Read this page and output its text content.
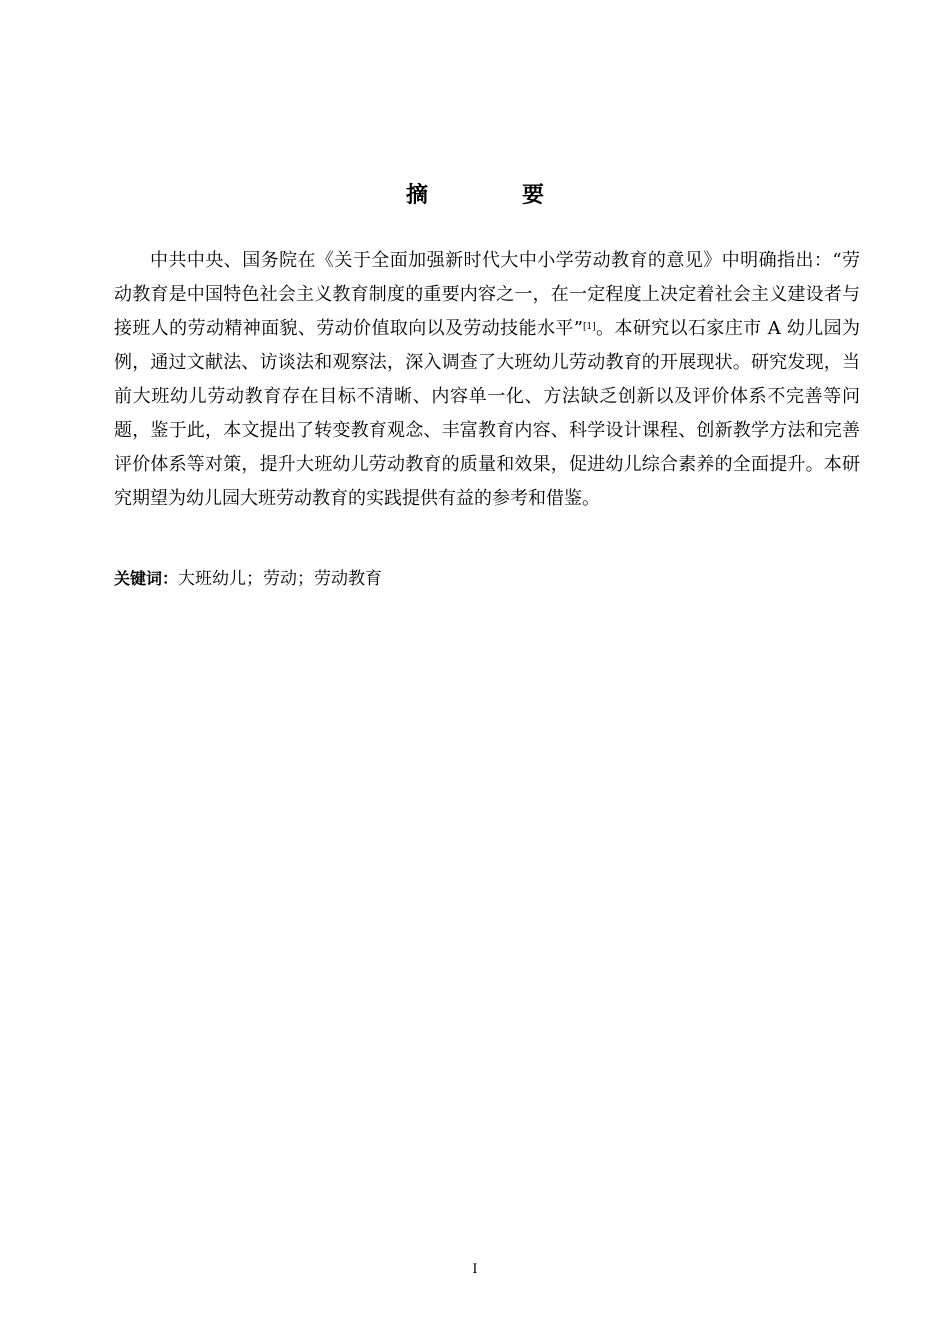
摘　要

中共中央、国务院在《关于全面加强新时代大中小学劳动教育的意见》中明确指出：“劳动教育是中国特色社会主义教育制度的重要内容之一，在一定程度上决定着社会主义建设者与接班人的劳动精神面貌、劳动价值取向以及劳动技能水平”[1]。本研究以石家庄市 A 幼儿园为例，通过文献法、访谈法和观察法，深入调查了大班幼儿劳动教育的开展现状。研究发现，当前大班幼儿劳动教育存在目标不清晰、内容单一化、方法缺乏创新以及评价体系不完善等问题，鉴于此，本文提出了转变教育观念、丰富教育内容、科学设计课程、创新教学方法和完善评价体系等对策，提升大班幼儿劳动教育的质量和效果，促进幼儿综合素养的全面提升。本研究期望为幼儿园大班劳动教育的实践提供有益的参考和借鉴。

关键词：大班幼儿；劳动；劳动教育
I
